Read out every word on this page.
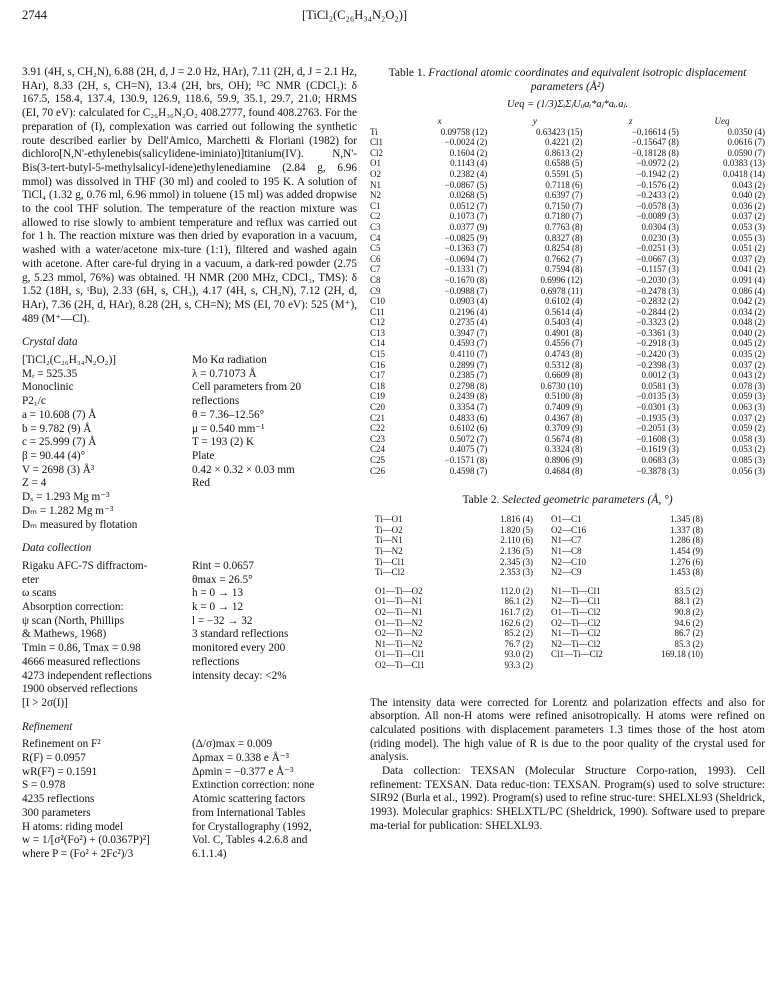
2744	[TiCl₂(C₂₆H₃₄N₂O₂)]

3.91 (4H, s, CH₂N), 6.88 (2H, d, J = 2.0 Hz, HAr), 7.11 (2H, d, J = 2.1 Hz, HAr), 8.33 (2H, s, CH=N), 13.4 (2H, brs, OH); ¹³C NMR (CDCl₃): δ 167.5, 158.4, 137.4, 130.9, 126.9, 118.6, 59.9, 35.1, 29.7, 21.0; HRMS (EI, 70 eV): calculated for C₂₆H₃₆N₂O₂ 408.2777, found 408.2763. For the preparation of (I), complexation was carried out following the synthetic route described earlier by Dell'Amico, Marchetti & Floriani (1982) for dichloro[N,N'-ethylenebis(salicylidene-iminiato)]titanium(IV). N,N'-Bis(3-tert-butyl-5-methylsalicyl-idene)ethylenediamine (2.84 g, 6.96 mmol) was dissolved in THF (30 ml) and cooled to 195 K. A solution of TiCl₄ (1.32 g, 0.76 ml, 6.96 mmol) in toluene (15 ml) was added dropwise to the cool THF solution. The temperature of the reaction mixture was allowed to rise slowly to ambient temperature and reflux was carried out for 1 h. The reaction mixture was then dried by evaporation in a vacuum, washed with a water/acetone mix-ture (1:1), filtered and washed again with acetone. After care-ful drying in a vacuum, a dark-red powder (2.75 g, 5.23 mmol, 76%) was obtained. ¹H NMR (200 MHz, CDCl₃, TMS): δ 1.52 (18H, s, ᵗBu), 2.33 (6H, s, CH₃), 4.17 (4H, s, CH₂N), 7.12 (2H, d, HAr), 7.36 (2H, d, HAr), 8.28 (2H, s, CH=N); MS (EI, 70 eV): 525 (M⁺), 489 (M⁺—Cl).

Crystal data
[TiCl₂(C₂₆H₃₄N₂O₂)]
Mᵣ = 525.35
Monoclinic
P2₁/c
a = 10.608 (7) Å
b = 9.782 (9) Å
c = 25.999 (7) Å
β = 90.44 (4)°
V = 2698 (3) Å³
Z = 4
Dₓ = 1.293 Mg m⁻³
Dₘ = 1.282 Mg m⁻³
Dₘ measured by flotation
Mo Kα radiation
λ = 0.71073 Å
Cell parameters from 20
reflections
θ = 7.36–12.56°
μ = 0.540 mm⁻¹
T = 193 (2) K
Plate
0.42 × 0.32 × 0.03 mm
Red
Data collection
Rigaku AFC-7S diffractom-
eter
ω scans
Absorption correction:
ψ scan (North, Phillips
& Mathews, 1968)
Tmin = 0.86, Tmax = 0.98
4666 measured reflections
4273 independent reflections
1900 observed reflections
[I > 2σ(I)]
Rint = 0.0657
θmax = 26.5°
h = 0 → 13
k = 0 → 12
l = −32 → 32
3 standard reflections
monitored every 200
reflections
intensity decay: <2%
Refinement
Refinement on F²
R(F) = 0.0957
wR(F²) = 0.1591
S = 0.978
4235 reflections
300 parameters
H atoms: riding model
w = 1/[σ²(Fo²) + (0.0367P)²]
where P = (Fo² + 2Fc²)/3
(Δ/σ)max = 0.009
Δρmax = 0.338 e Å⁻³
Δρmin = −0.377 e Å⁻³
Extinction correction: none
Atomic scattering factors
from International Tables
for Crystallography (1992,
Vol. C, Tables 4.2.6.8 and
6.1.1.4)
Table 1. Fractional atomic coordinates and equivalent isotropic displacement parameters (Å²)
Ueq = (1/3)ΣᵢΣⱼUᵢⱼaᵢ*aⱼ*aᵢ.aⱼ.
	x	y	z	Ueq
Ti	0.09758 (12)	0.63423 (15)	−0.16614 (5)	0.0350 (4)
Cl1	−0.0024 (2)	0.4221 (2)	−0.15647 (8)	0.0616 (7)
Cl2	0.1604 (2)	0.8613 (2)	−0.18128 (8)	0.0590 (7)
O1	0.1143 (4)	0.6588 (5)	−0.0972 (2)	0.0383 (13)
O2	0.2382 (4)	0.5591 (5)	−0.1942 (2)	0.0418 (14)
N1	−0.0867 (5)	0.7118 (6)	−0.1576 (2)	0.043 (2)
N2	0.0268 (5)	0.6397 (7)	−0.2433 (2)	0.040 (2)
C1	0.0512 (7)	0.7150 (7)	−0.0578 (3)	0.036 (2)
C2	0.1073 (7)	0.7180 (7)	−0.0089 (3)	0.037 (2)
C3	0.0377 (9)	0.7763 (8)	0.0304 (3)	0.053 (3)
C4	−0.0825 (9)	0.8327 (8)	0.0230 (3)	0.055 (3)
C5	−0.1363 (7)	0.8254 (8)	−0.0251 (3)	0.051 (2)
C6	−0.0694 (7)	0.7662 (7)	−0.0667 (3)	0.037 (2)
C7	−0.1331 (7)	0.7594 (8)	−0.1157 (3)	0.041 (2)
C8	−0.1670 (8)	0.6996 (12)	−0.2030 (3)	0.091 (4)
C9	−0.0988 (7)	0.6978 (11)	−0.2478 (3)	0.086 (4)
C10	0.0903 (4)	0.6102 (4)	−0.2832 (2)	0.042 (2)
C11	0.2196 (4)	0.5614 (4)	−0.2844 (2)	0.034 (2)
C12	0.2735 (4)	0.5403 (4)	−0.3323 (2)	0.048 (2)
C13	0.3947 (7)	0.4901 (8)	−0.3361 (3)	0.040 (2)
C14	0.4593 (7)	0.4556 (7)	−0.2918 (3)	0.045 (2)
C15	0.4110 (7)	0.4743 (8)	−0.2420 (3)	0.035 (2)
C16	0.2899 (7)	0.5312 (8)	−0.2398 (3)	0.037 (2)
C17	0.2385 (7)	0.6609 (8)	0.0012 (3)	0.043 (2)
C18	0.2798 (8)	0.6730 (10)	0.0581 (3)	0.078 (3)
C19	0.2439 (8)	0.5100 (8)	−0.0135 (3)	0.059 (3)
C20	0.3354 (7)	0.7409 (9)	−0.0301 (3)	0.063 (3)
C21	0.4833 (6)	0.4367 (8)	−0.1935 (3)	0.037 (2)
C22	0.6102 (6)	0.3709 (9)	−0.2051 (3)	0.059 (2)
C23	0.5072 (7)	0.5674 (8)	−0.1608 (3)	0.058 (3)
C24	0.4075 (7)	0.3324 (8)	−0.1619 (3)	0.053 (2)
C25	−0.1571 (8)	0.8906 (9)	0.0683 (3)	0.085 (3)
C26	0.4598 (7)	0.4684 (8)	−0.3878 (3)	0.056 (3)
Table 2. Selected geometric parameters (Å, °)
Ti—O1	1.816 (4)	O1—C1	1.345 (8)
Ti—O2	1.820 (5)	O2—C16	1.337 (8)
Ti—N1	2.110 (6)	N1—C7	1.286 (8)
Ti—N2	2.136 (5)	N1—C8	1.454 (9)
Ti—Cl1	2.345 (3)	N2—C10	1.276 (6)
Ti—Cl2	2.353 (3)	N2—C9	1.453 (8)

O1—Ti—O2	112.0 (2)	N1—Ti—Cl1	83.5 (2)
O1—Ti—N1	86.1 (2)	N2—Ti—Cl1	88.1 (2)
O2—Ti—N1	161.7 (2)	O1—Ti—Cl2	90.8 (2)
O1—Ti—N2	162.6 (2)	O2—Ti—Cl2	94.6 (2)
O2—Ti—N2	85.2 (2)	N1—Ti—Cl2	86.7 (2)
N1—Ti—N2	76.7 (2)	N2—Ti—Cl2	85.3 (2)
O1—Ti—Cl1	93.0 (2)	Cl1—Ti—Cl2	169.18 (10)
O2—Ti—Cl1	93.3 (2)		

The intensity data were corrected for Lorentz and polarization effects and also for absorption. All non-H atoms were refined anisotropically. H atoms were refined on calculated positions with displacement parameters 1.3 times those of the host atom (riding model). The high value of R is due to the poor quality of the crystal used for analysis.

Data collection: TEXSAN (Molecular Structure Corpo-ration, 1993). Cell refinement: TEXSAN. Data reduc-tion: TEXSAN. Program(s) used to solve structure: SIR92 (Burla et al., 1992). Program(s) used to refine struc-ture: SHELXL93 (Sheldrick, 1993). Molecular graphics: SHELXTL/PC (Sheldrick, 1990). Software used to prepare ma-terial for publication: SHELXL93.
